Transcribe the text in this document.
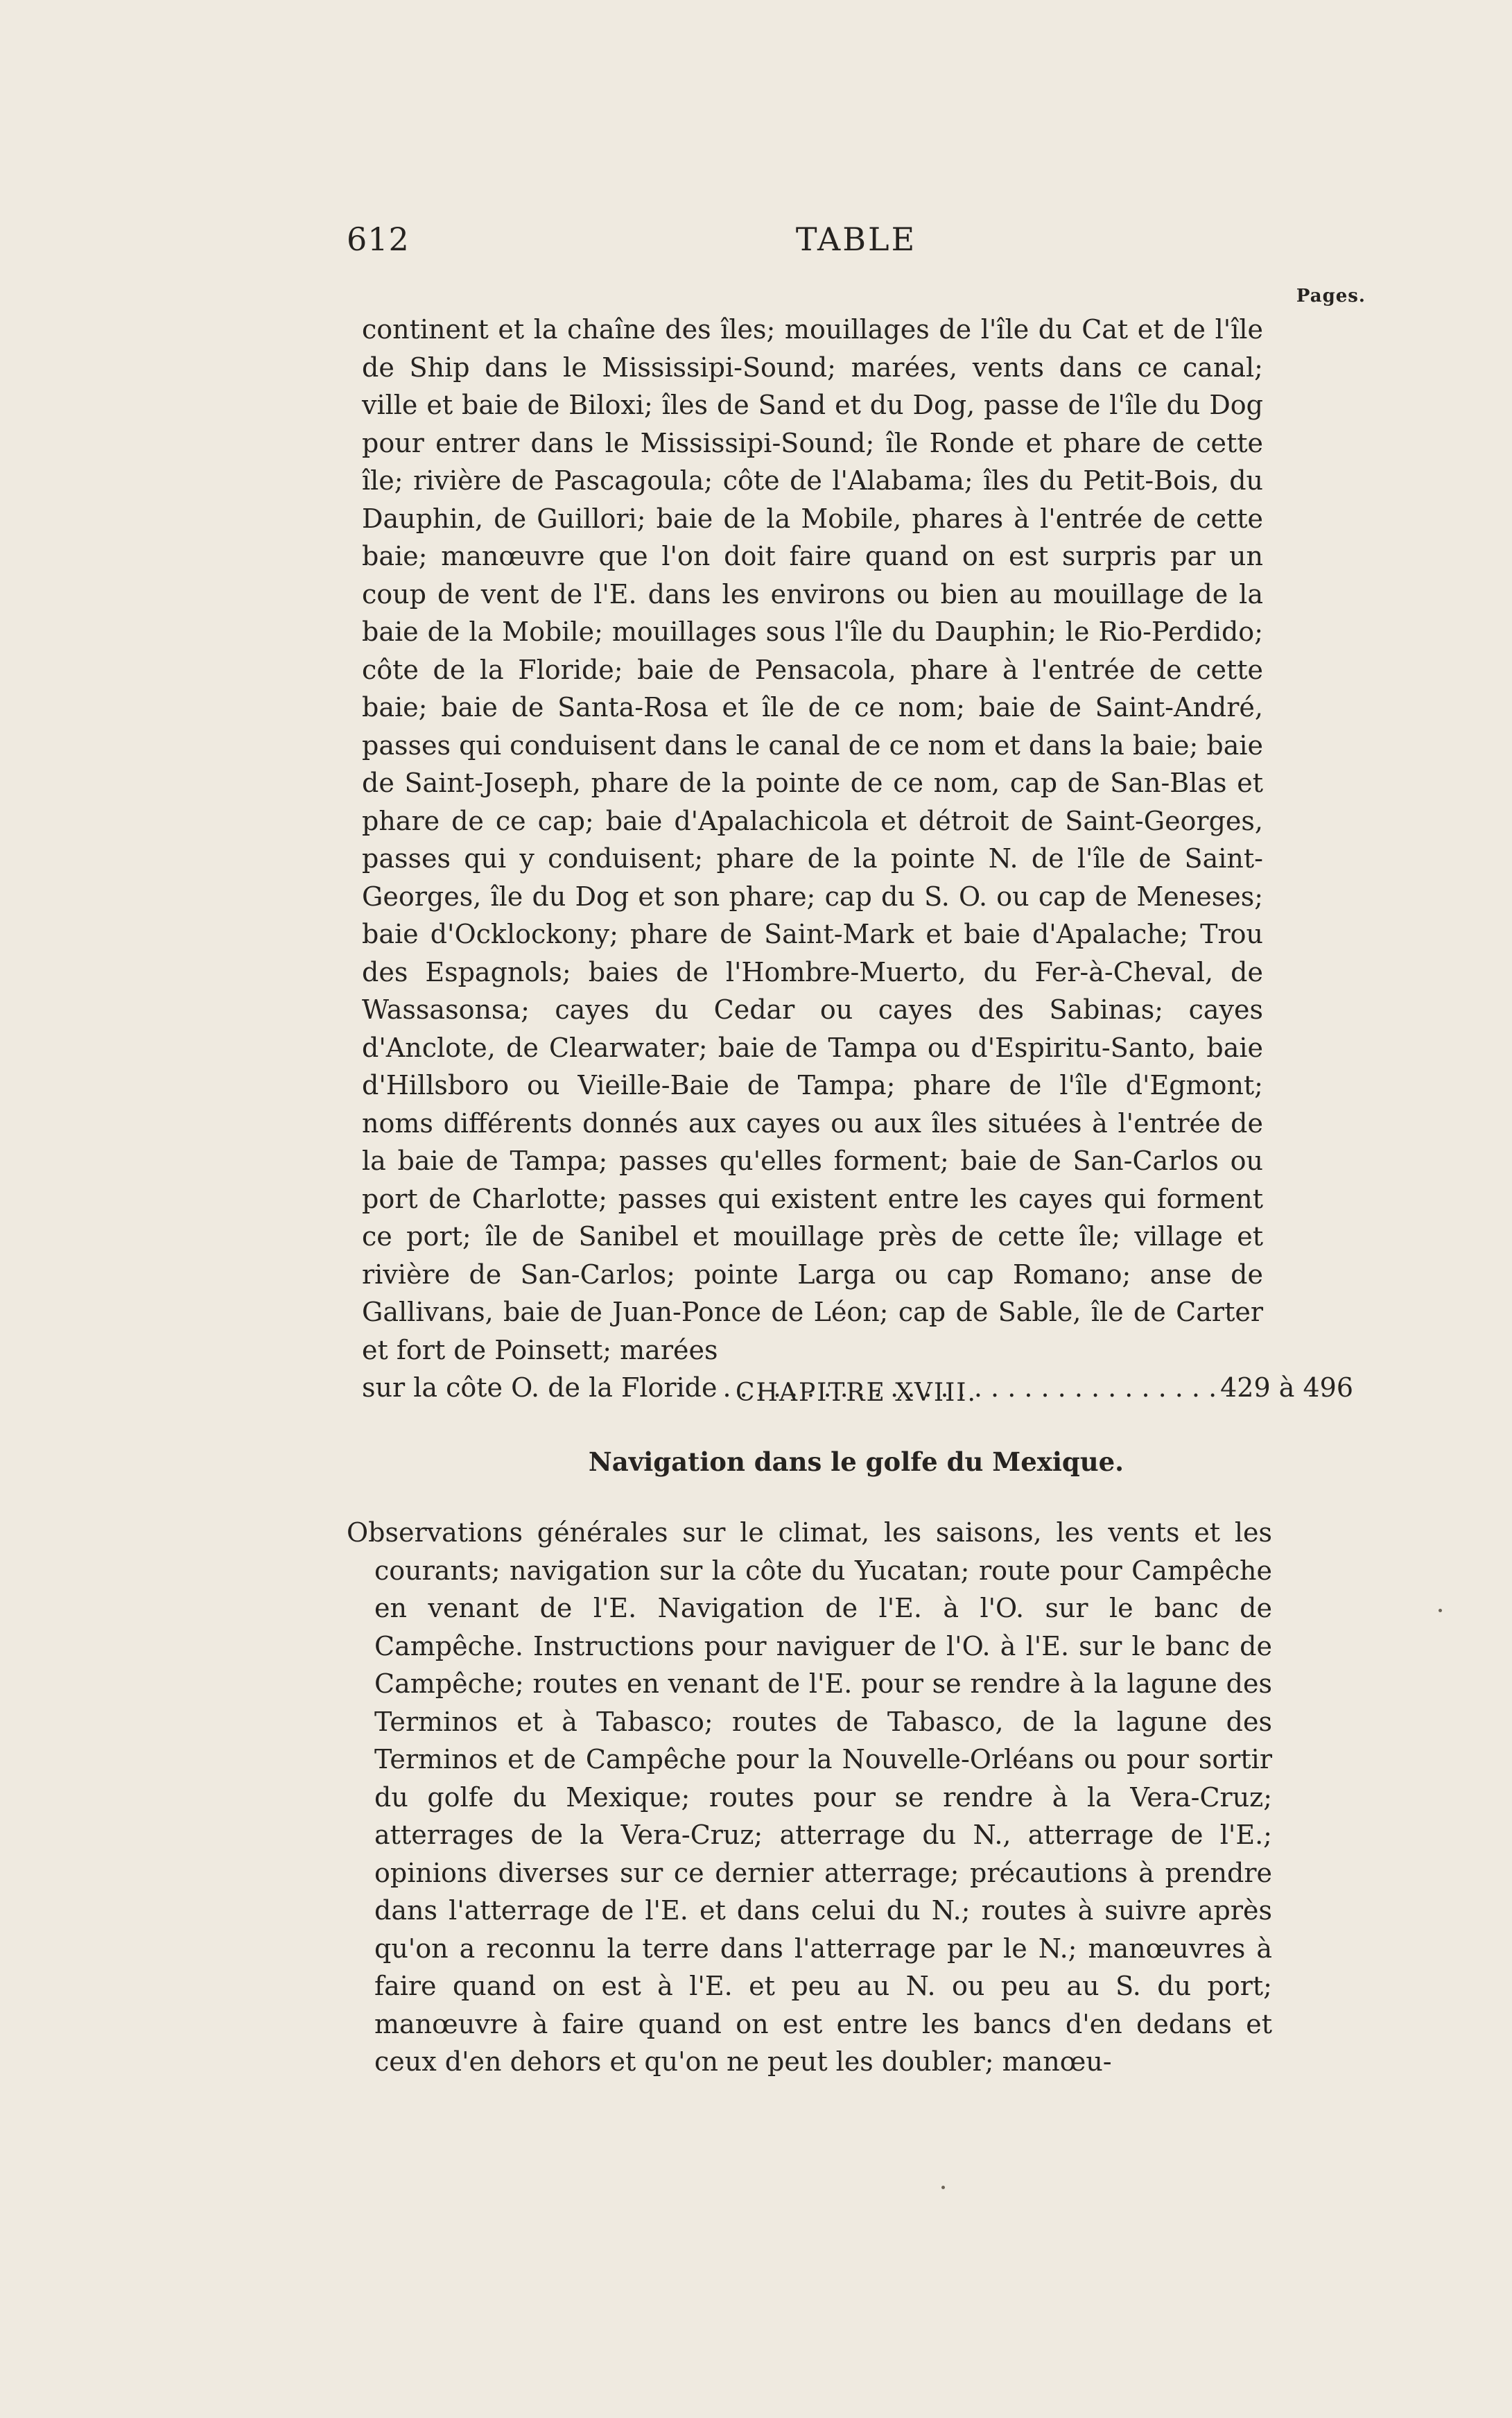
612	TABLE
Pages.
continent et la chaîne des îles; mouillages de l'île du Cat et de l'île de Ship dans le Mississipi-Sound; marées, vents dans ce canal; ville et baie de Biloxi; îles de Sand et du Dog, passe de l'île du Dog pour entrer dans le Mississipi-Sound; île Ronde et phare de cette île; rivière de Pascagoula; côte de l'Alabama; îles du Petit-Bois, du Dauphin, de Guillori; baie de la Mobile, phares à l'entrée de cette baie; manœuvre que l'on doit faire quand on est surpris par un coup de vent de l'E. dans les environs ou bien au mouillage de la baie de la Mobile; mouillages sous l'île du Dauphin; le Rio-Perdido; côte de la Floride; baie de Pensacola, phare à l'entrée de cette baie; baie de Santa-Rosa et île de ce nom; baie de Saint-André, passes qui conduisent dans le canal de ce nom et dans la baie; baie de Saint-Joseph, phare de la pointe de ce nom, cap de San-Blas et phare de ce cap; baie d'Apalachicola et détroit de Saint-Georges, passes qui y conduisent; phare de la pointe N. de l'île de Saint-Georges, île du Dog et son phare; cap du S. O. ou cap de Meneses; baie d'Ocklockony; phare de Saint-Mark et baie d'Apalache; Trou des Espagnols; baies de l'Hombre-Muerto, du Fer-à-Cheval, de Wassasonsa; cayes du Cedar ou cayes des Sabinas; cayes d'Anclote, de Clearwater; baie de Tampa ou d'Espiritu-Santo, baie d'Hillsboro ou Vieille-Baie de Tampa; phare de l'île d'Egmont; noms différents donnés aux cayes ou aux îles situées à l'entrée de la baie de Tampa; passes qu'elles forment; baie de San-Carlos ou port de Charlotte; passes qui existent entre les cayes qui forment ce port; île de Sanibel et mouillage près de cette île; village et rivière de San-Carlos; pointe Larga ou cap Romano; anse de Gallivans, baie de Juan-Ponce de Léon; cap de Sable, île de Carter et fort de Poinsett; marées
sur la côte O. de la Floride
. . .	429 à 496
CHAPITRE XVIII.
Navigation dans le golfe du Mexique.
Observations générales sur le climat, les saisons, les vents et les courants; navigation sur la côte du Yucatan; route pour Campêche en venant de l'E. Navigation de l'E. à l'O. sur le banc de Campêche. Instructions pour naviguer de l'O. à l'E. sur le banc de Campêche; routes en venant de l'E. pour se rendre à la lagune des Terminos et à Tabasco; routes de Tabasco, de la lagune des Terminos et de Campêche pour la Nouvelle-Orléans ou pour sortir du golfe du Mexique; routes pour se rendre à la Vera-Cruz; atterrages de la Vera-Cruz; atterrage du N., atterrage de l'E.; opinions diverses sur ce dernier atterrage; précautions à prendre dans l'atterrage de l'E. et dans celui du N.; routes à suivre après qu'on a reconnu la terre dans l'atterrage par le N.; manœuvres à faire quand on est à l'E. et peu au N. ou peu au S. du port; manœuvre à faire quand on est entre les bancs d'en dedans et ceux d'en dehors et qu'on ne peut les doubler; manœu-
